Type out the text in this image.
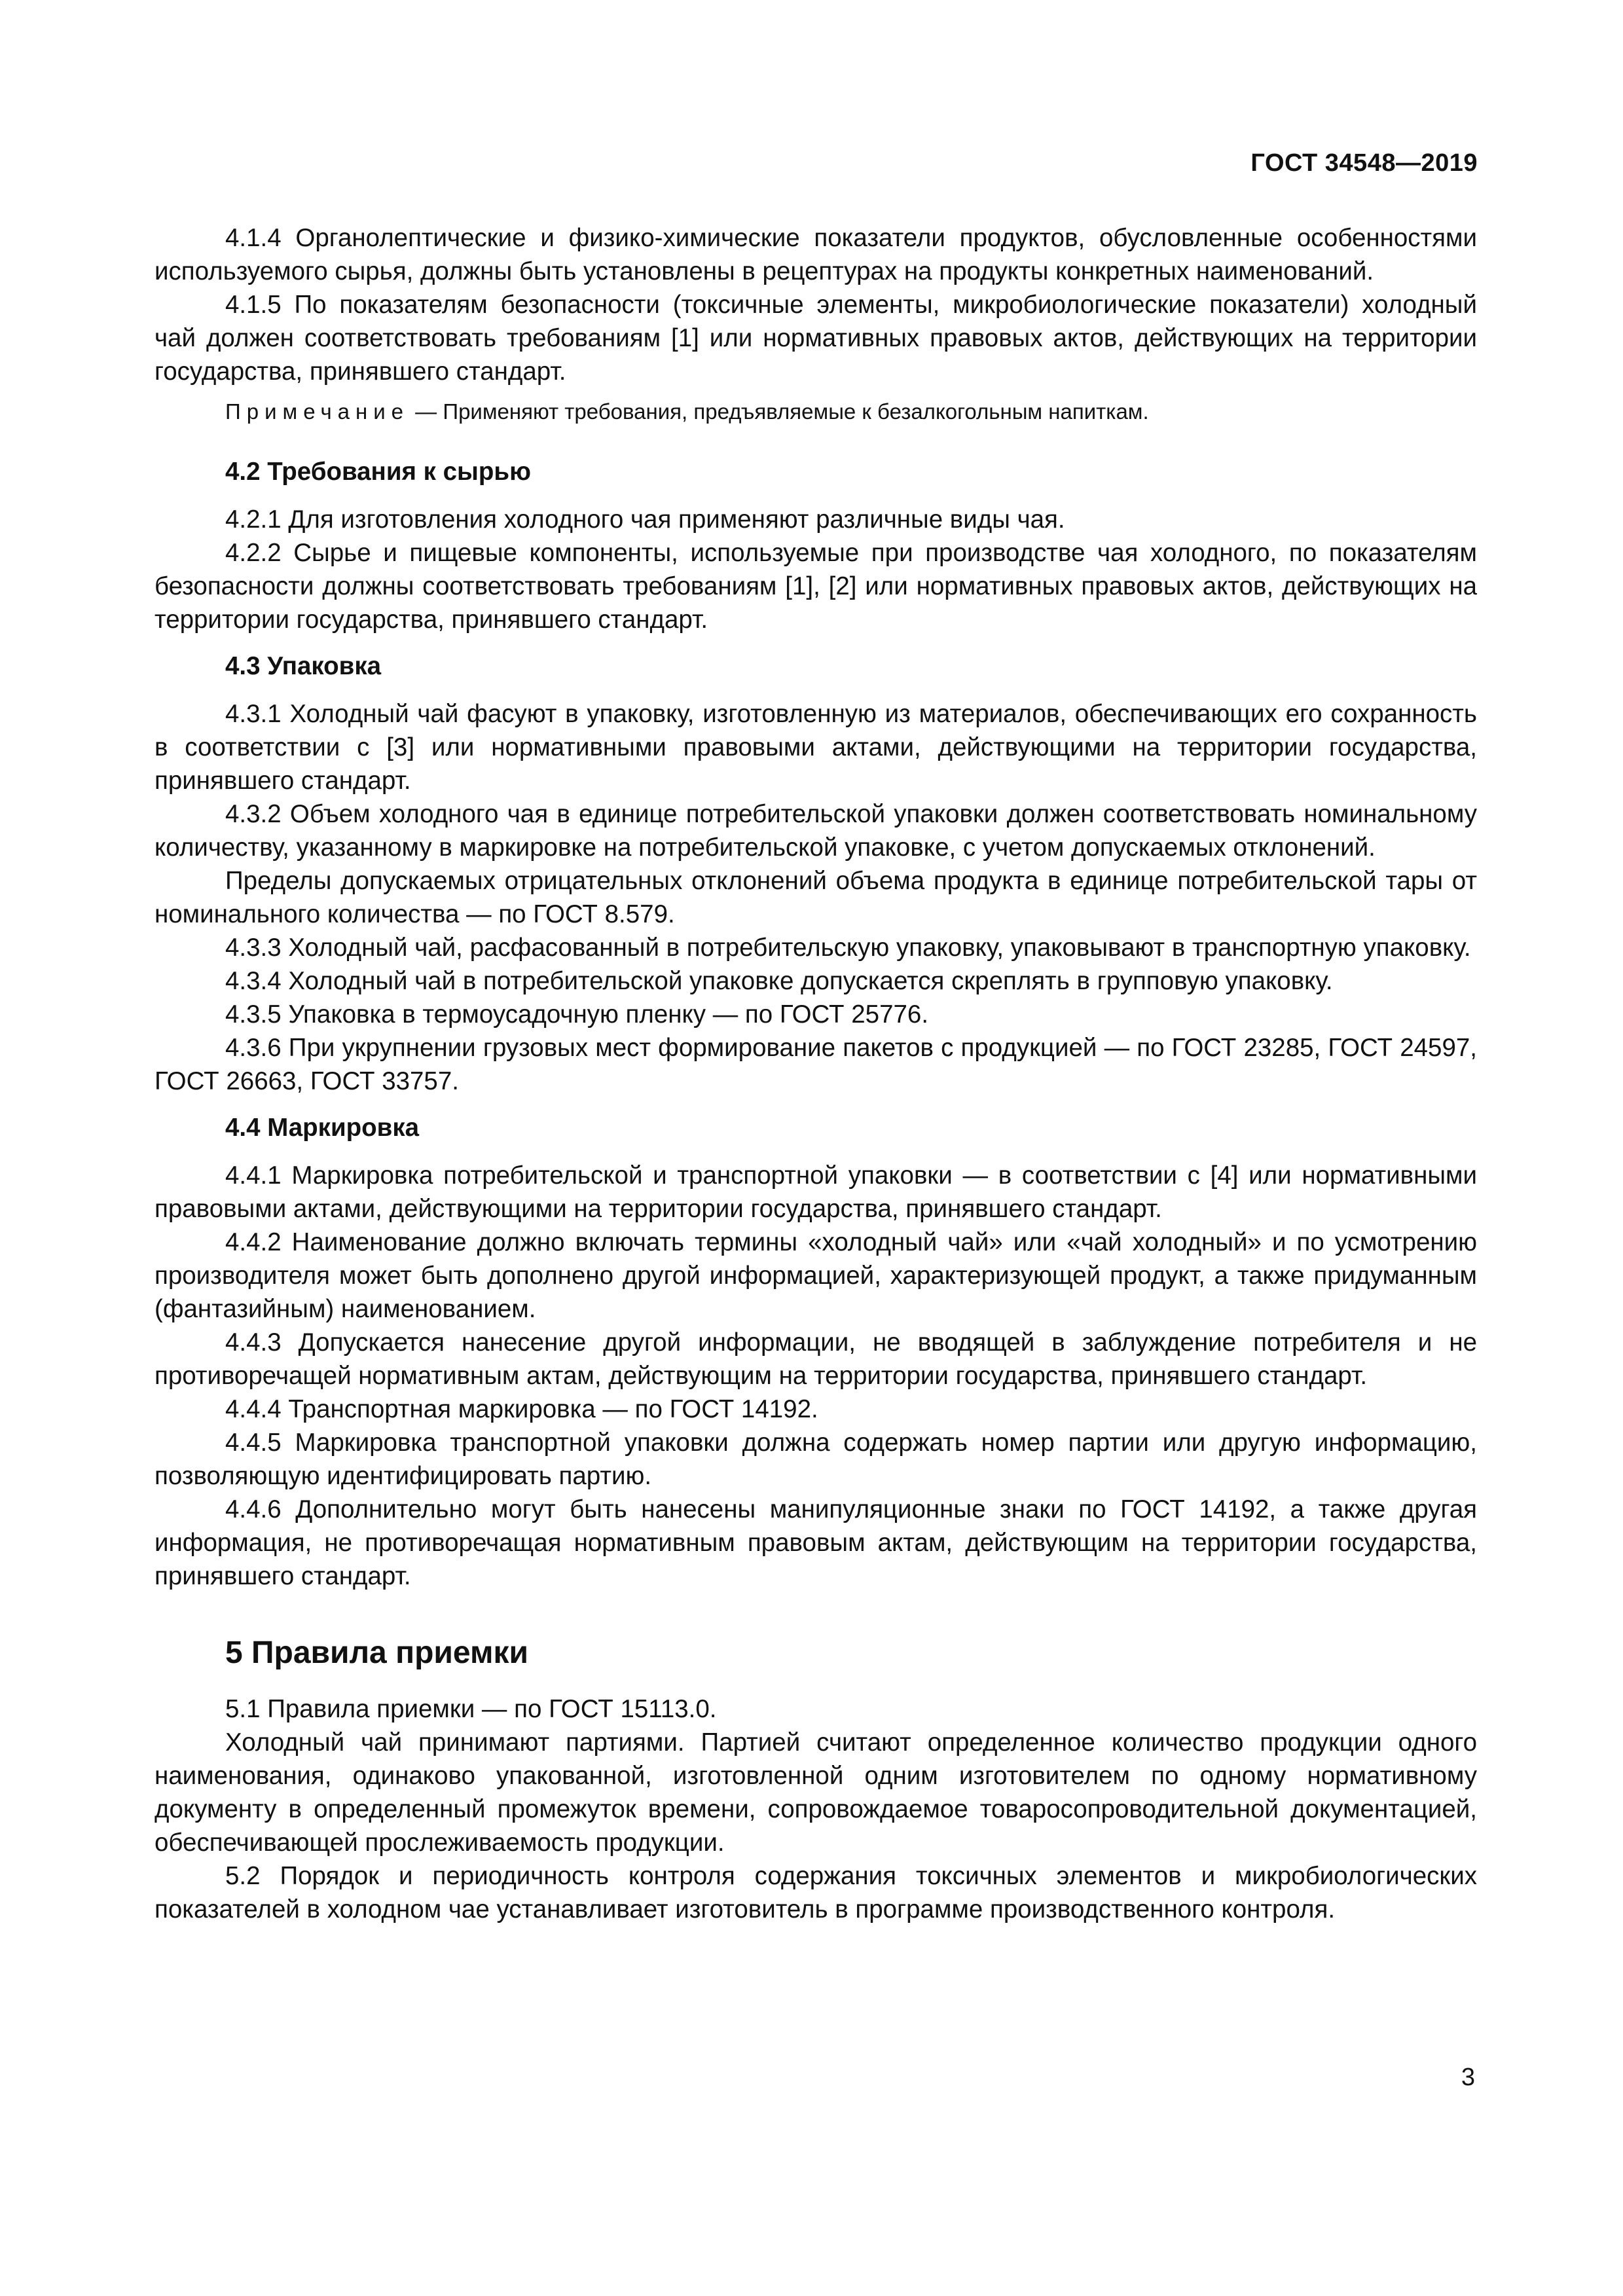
ГОСТ 34548—2019

4.1.4 Органолептические и физико-химические показатели продуктов, обусловленные особенностями используемого сырья, должны быть установлены в рецептурах на продукты конкретных наименований.

4.1.5 По показателям безопасности (токсичные элементы, микробиологические показатели) холодный чай должен соответствовать требованиям [1] или нормативных правовых актов, действующих на территории государства, принявшего стандарт.

Примечание — Применяют требования, предъявляемые к безалкогольным напиткам.

4.2 Требования к сырью

4.2.1 Для изготовления холодного чая применяют различные виды чая.

4.2.2 Сырье и пищевые компоненты, используемые при производстве чая холодного, по показателям безопасности должны соответствовать требованиям [1], [2] или нормативных правовых актов, действующих на территории государства, принявшего стандарт.

4.3 Упаковка

4.3.1 Холодный чай фасуют в упаковку, изготовленную из материалов, обеспечивающих его сохранность в соответствии с [3] или нормативными правовыми актами, действующими на территории государства, принявшего стандарт.

4.3.2 Объем холодного чая в единице потребительской упаковки должен соответствовать номинальному количеству, указанному в маркировке на потребительской упаковке, с учетом допускаемых отклонений.

Пределы допускаемых отрицательных отклонений объема продукта в единице потребительской тары от номинального количества — по ГОСТ 8.579.

4.3.3 Холодный чай, расфасованный в потребительскую упаковку, упаковывают в транспортную упаковку.

4.3.4 Холодный чай в потребительской упаковке допускается скреплять в групповую упаковку.

4.3.5 Упаковка в термоусадочную пленку — по ГОСТ 25776.

4.3.6 При укрупнении грузовых мест формирование пакетов с продукцией — по ГОСТ 23285, ГОСТ 24597, ГОСТ 26663, ГОСТ 33757.

4.4 Маркировка

4.4.1 Маркировка потребительской и транспортной упаковки — в соответствии с [4] или нормативными правовыми актами, действующими на территории государства, принявшего стандарт.

4.4.2 Наименование должно включать термины «холодный чай» или «чай холодный» и по усмотрению производителя может быть дополнено другой информацией, характеризующей продукт, а также придуманным (фантазийным) наименованием.

4.4.3 Допускается нанесение другой информации, не вводящей в заблуждение потребителя и не противоречащей нормативным актам, действующим на территории государства, принявшего стандарт.

4.4.4 Транспортная маркировка — по ГОСТ 14192.

4.4.5 Маркировка транспортной упаковки должна содержать номер партии или другую информацию, позволяющую идентифицировать партию.

4.4.6 Дополнительно могут быть нанесены манипуляционные знаки по ГОСТ 14192, а также другая информация, не противоречащая нормативным правовым актам, действующим на территории государства, принявшего стандарт.

5 Правила приемки

5.1 Правила приемки — по ГОСТ 15113.0.

Холодный чай принимают партиями. Партией считают определенное количество продукции одного наименования, одинаково упакованной, изготовленной одним изготовителем по одному нормативному документу в определенный промежуток времени, сопровождаемое товаросопроводительной документацией, обеспечивающей прослеживаемость продукции.

5.2 Порядок и периодичность контроля содержания токсичных элементов и микробиологических показателей в холодном чае устанавливает изготовитель в программе производственного контроля.

3
